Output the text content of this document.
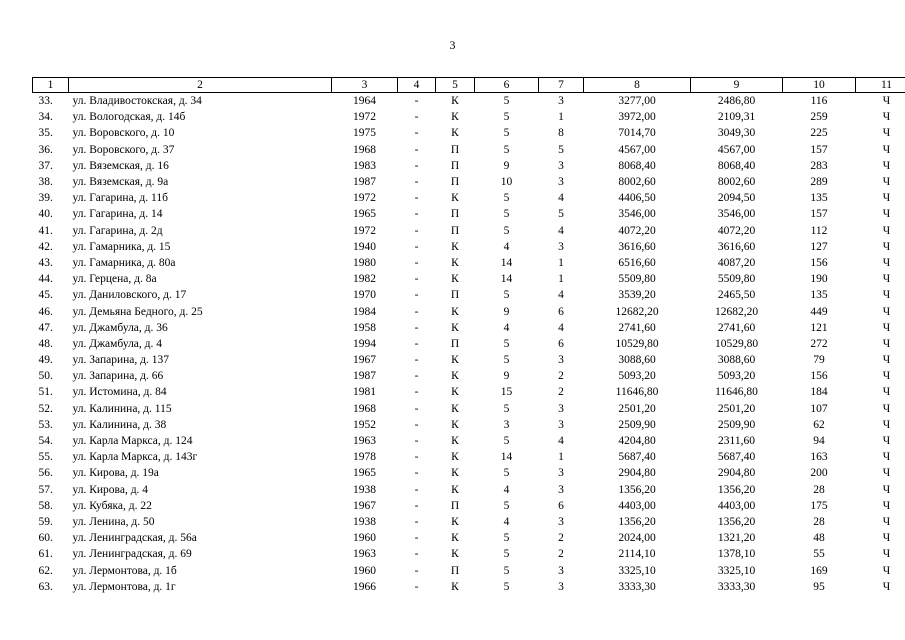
3
1	2	3	4	5	6	7	8	9	10	11
33.	ул. Владивостокская, д. 34	1964	-	К	5	3	3277,00	2486,80	116	Ч
34.	ул. Вологодская, д. 14б	1972	-	К	5	1	3972,00	2109,31	259	Ч
35.	ул. Воровского, д. 10	1975	-	К	5	8	7014,70	3049,30	225	Ч
36.	ул. Воровского, д. 37	1968	-	П	5	5	4567,00	4567,00	157	Ч
37.	ул. Вяземская, д. 16	1983	-	П	9	3	8068,40	8068,40	283	Ч
38.	ул. Вяземская, д. 9а	1987	-	П	10	3	8002,60	8002,60	289	Ч
39.	ул. Гагарина, д. 11б	1972	-	К	5	4	4406,50	2094,50	135	Ч
40.	ул. Гагарина, д. 14	1965	-	П	5	5	3546,00	3546,00	157	Ч
41.	ул. Гагарина, д. 2д	1972	-	П	5	4	4072,20	4072,20	112	Ч
42.	ул. Гамарника, д. 15	1940	-	К	4	3	3616,60	3616,60	127	Ч
43.	ул. Гамарника, д. 80а	1980	-	К	14	1	6516,60	4087,20	156	Ч
44.	ул. Герцена, д. 8а	1982	-	К	14	1	5509,80	5509,80	190	Ч
45.	ул. Даниловского, д. 17	1970	-	П	5	4	3539,20	2465,50	135	Ч
46.	ул. Демьяна Бедного, д. 25	1984	-	К	9	6	12682,20	12682,20	449	Ч
47.	ул. Джамбула, д. 36	1958	-	К	4	4	2741,60	2741,60	121	Ч
48.	ул. Джамбула, д. 4	1994	-	П	5	6	10529,80	10529,80	272	Ч
49.	ул. Запарина, д. 137	1967	-	К	5	3	3088,60	3088,60	79	Ч
50.	ул. Запарина, д. 66	1987	-	К	9	2	5093,20	5093,20	156	Ч
51.	ул. Истомина, д. 84	1981	-	К	15	2	11646,80	11646,80	184	Ч
52.	ул. Калинина, д. 115	1968	-	К	5	3	2501,20	2501,20	107	Ч
53.	ул. Калинина, д. 38	1952	-	К	3	3	2509,90	2509,90	62	Ч
54.	ул. Карла Маркса, д. 124	1963	-	К	5	4	4204,80	2311,60	94	Ч
55.	ул. Карла Маркса, д. 143г	1978	-	К	14	1	5687,40	5687,40	163	Ч
56.	ул. Кирова, д. 19а	1965	-	К	5	3	2904,80	2904,80	200	Ч
57.	ул. Кирова, д. 4	1938	-	К	4	3	1356,20	1356,20	28	Ч
58.	ул. Кубяка, д. 22	1967	-	П	5	6	4403,00	4403,00	175	Ч
59.	ул. Ленина, д. 50	1938	-	К	4	3	1356,20	1356,20	28	Ч
60.	ул. Ленинградская, д. 56а	1960	-	К	5	2	2024,00	1321,20	48	Ч
61.	ул. Ленинградская, д. 69	1963	-	К	5	2	2114,10	1378,10	55	Ч
62.	ул. Лермонтова, д. 1б	1960	-	П	5	3	3325,10	3325,10	169	Ч
63.	ул. Лермонтова, д. 1г	1966	-	К	5	3	3333,30	3333,30	95	Ч
